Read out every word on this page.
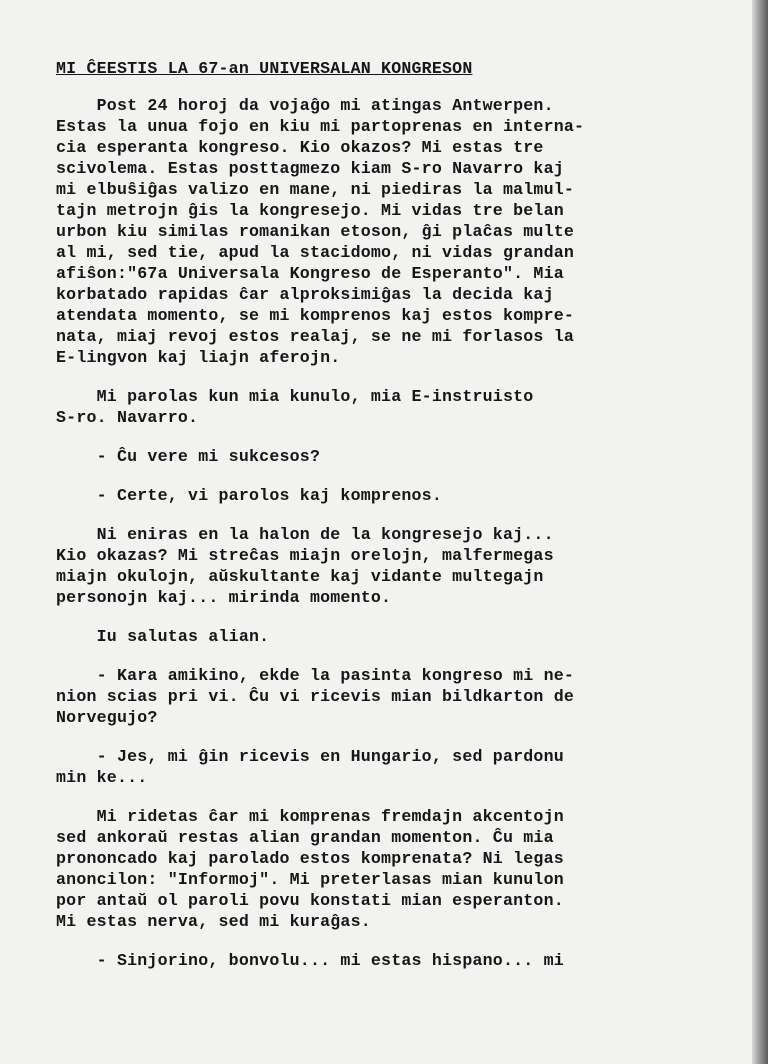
MI ĈEESTIS LA 67-an UNIVERSALAN KONGRESON
Post 24 horoj da vojaĝo mi atingas Antwerpen.
Estas la unua fojo en kiu mi partoprenas en interna-
cia esperanta kongreso. Kio okazos? Mi estas tre
scivolema. Estas posttagmezo kiam S-ro Navarro kaj
mi elbuŝiĝas valizo en mane, ni piediras la malmul-
tajn metrojn ĝis la kongresejo. Mi vidas tre belan
urbon kiu similas romanikan etoson, ĝi plaĉas multe
al mi, sed tie, apud la stacidomo, ni vidas grandan
afiŝon:"67a Universala Kongreso de Esperanto". Mia
korbatado rapidas ĉar alproksimiĝas la decida kaj
atendata momento, se mi komprenos kaj estos kompre-
nata, miaj revoj estos realaj, se ne mi forlasos la
E-lingvon kaj liajn aferojn.
Mi parolas kun mia kunulo, mia E-instruisto
S-ro. Navarro.
- Ĉu vere mi sukcesos?
- Certe, vi parolos kaj komprenos.
Ni eniras en la halon de la kongresejo kaj...
Kio okazas? Mi streĉas miajn orelojn, malfermegas
miajn okulojn, aŭskultante kaj vidante multegajn
personojn kaj... mirinda momento.
Iu salutas alian.
- Kara amikino, ekde la pasinta kongreso mi ne-
nion scias pri vi. Ĉu vi ricevis mian bildkarton de
Norvegujo?
- Jes, mi ĝin ricevis en Hungario, sed pardonu
min ke...
Mi ridetas ĉar mi komprenas fremdajn akcentojn
sed ankoraŭ restas alian grandan momenton. Ĉu mia
prononcado kaj parolado estos komprenata? Ni legas
anoncilon: "Informoj". Mi preterlasas mian kunulon
por antaŭ ol paroli povu konstati mian esperanton.
Mi estas nerva, sed mi kuraĝas.
- Sinjorino, bonvolu... mi estas hispano... mi
